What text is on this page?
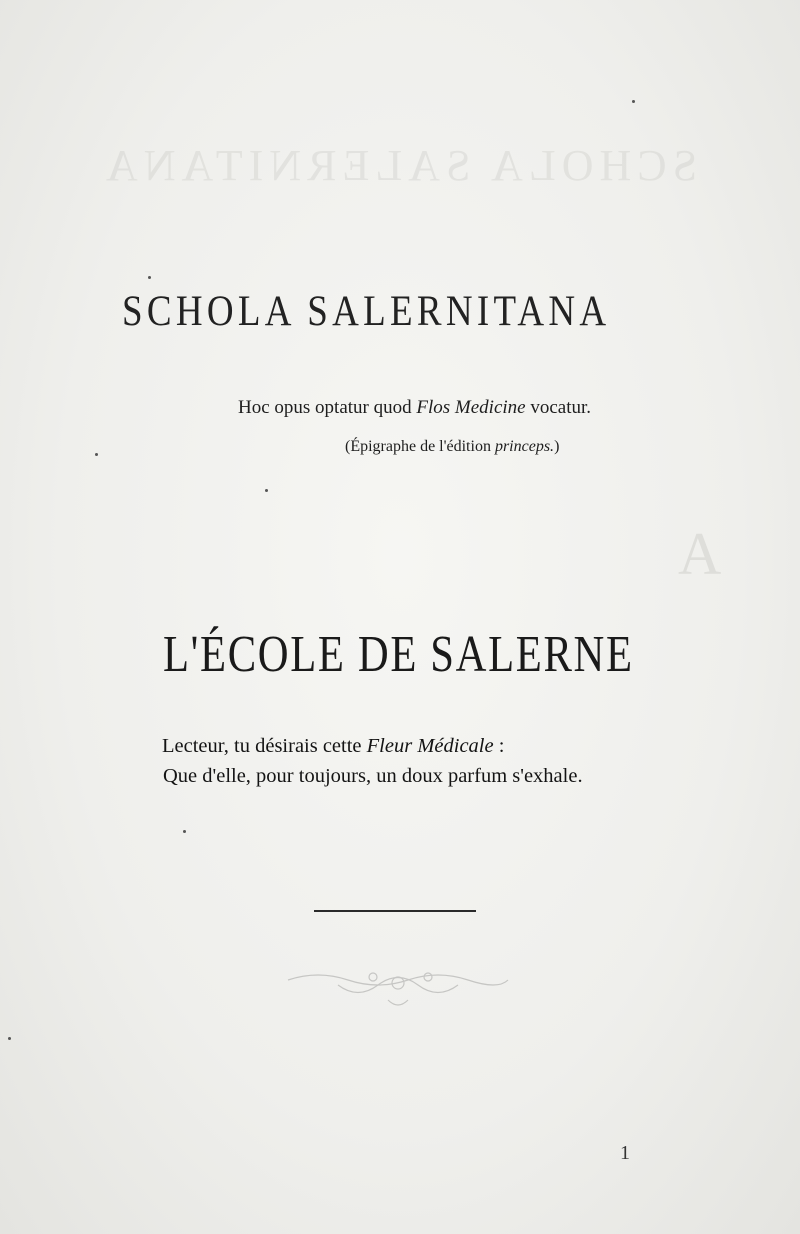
SCHOLA SALERNITANA
A
SCHOLA SALERNITANA
Hoc opus optatur quod Flos Medicine vocatur.
(Épigraphe de l'édition princeps.)
L'ÉCOLE DE SALERNE
Lecteur, tu désirais cette Fleur Médicale :
Que d'elle, pour toujours, un doux parfum s'exhale.
1
